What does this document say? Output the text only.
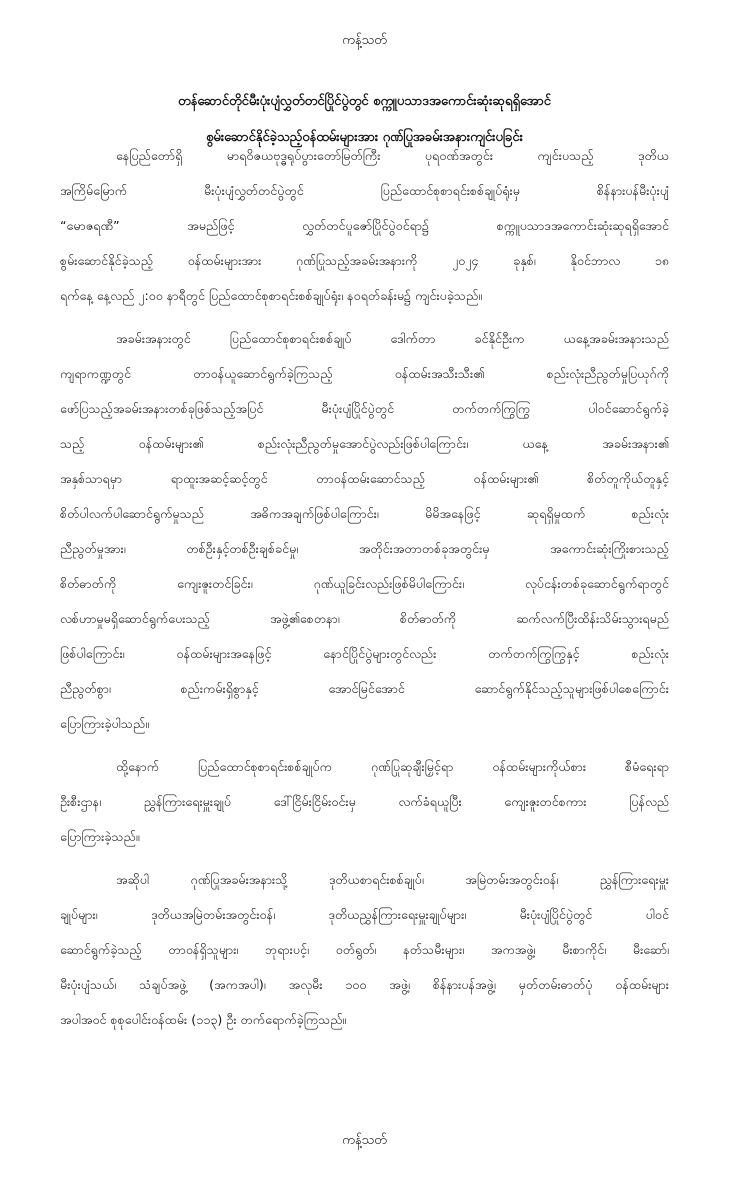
ကန့်သတ်
တန်ဆောင်တိုင်မီးပုံးပျံလွှတ်တင်ပြိုင်ပွဲတွင် စက္ကူပသာဒအကောင်းဆုံးဆုရရှိအောင်
စွမ်းဆောင်နိုင်ခဲ့သည့်ဝန်ထမ်းများအား ဂုဏ်ပြုအခမ်းအနားကျင်းပခြင်း
နေပြည်တော်ရှိ မာရဝိဇယဗုဒ္ဓရုပ်ပွားတော်မြတ်ကြီး ပုရဝဏ်အတွင်း ကျင်းပသည့် ဒုတိယ
အကြိမ်မြောက် မီးပုံးပျံလွှတ်တင်ပွဲတွင် ပြည်ထောင်စုစာရင်းစစ်ချုပ်ရုံးမှ စိန်နားပန်မီးပုံးပျံ
“မောဇရဏီ” အမည်ဖြင့် လွှတ်တင်ပူဇော်ပြိုင်ပွဲဝင်ရာ၌ စက္ကူပသာဒအကောင်းဆုံးဆုရရှိအောင်
စွမ်းဆောင်နိုင်ခဲ့သည့် ဝန်ထမ်းများအား ဂုဏ်ပြုသည့်အခမ်းအနားကို ၂၀၂၄ ခုနှစ်၊ နိုဝင်ဘာလ ၁၈
ရက်နေ့ နေ့လည် ၂:၀၀ နာရီတွင် ပြည်ထောင်စုစာရင်းစစ်ချုပ်ရုံး၊ နဝရတ်ခန်းမ၌ ကျင်းပခဲ့သည်။
အခမ်းအနားတွင် ပြည်ထောင်စုစာရင်းစစ်ချုပ် ဒေါက်တာ ခင်နိုင်ဦးက ယနေ့အခမ်းအနားသည်
ကျရာကဏ္ဍတွင် တာဝန်ယူဆောင်ရွက်ခဲ့ကြသည့် ဝန်ထမ်းအသီးသီး၏ စည်းလုံးညီညွတ်မှုပြယုဂ်ကို
ဖော်ပြသည့်အခမ်းအနားတစ်ခုဖြစ်သည့်အပြင် မီးပုံးပျံပြိုင်ပွဲတွင် တက်တက်ကြွကြွ ပါဝင်ဆောင်ရွက်ခဲ့
သည့် ဝန်ထမ်းများ၏ စည်းလုံးညီညွတ်မှုအောင်ပွဲလည်းဖြစ်ပါကြောင်း၊ ယနေ့ အခမ်းအနား၏
အနှစ်သာရမှာ ရာထူးအဆင့်ဆင့်တွင် တာဝန်ထမ်းဆောင်သည့် ဝန်ထမ်းများ၏ စိတ်တူကိုယ်တူနှင့်
စိတ်ပါလက်ပါဆောင်ရွက်မှုသည် အဓိကအချက်ဖြစ်ပါကြောင်း၊ မိမိအနေဖြင့် ဆုရရှိမှုထက် စည်းလုံး
ညီညွတ်မှုအား၊ တစ်ဦးနှင့်တစ်ဦးချစ်ခင်မှု၊ အတိုင်းအတာတစ်ခုအတွင်းမှ အကောင်းဆုံးကြိုးစားသည့်
စိတ်ဓာတ်ကို ကျေးဇူးတင်ခြင်း၊ ဂုဏ်ယူခြင်းလည်းဖြစ်မိပါကြောင်း၊ လုပ်ငန်းတစ်ခုဆောင်ရွက်ရာတွင်
လစ်ဟာမှုမရှိဆောင်ရွက်ပေးသည့် အဖွဲ့၏စေတနာ၊ စိတ်ဓာတ်ကို ဆက်လက်ပြီးထိန်းသိမ်းသွားရမည်
ဖြစ်ပါကြောင်း၊ ဝန်ထမ်းများအနေဖြင့် နောင်ပြိုင်ပွဲများတွင်လည်း တက်တက်ကြွကြွနှင့် စည်းလုံး
ညီညွတ်စွာ၊ စည်းကမ်းရှိစွာနှင့် အောင်မြင်အောင် ဆောင်ရွက်နိုင်သည့်သူများဖြစ်ပါစေကြောင်း
ပြောကြားခဲ့ပါသည်။
ထို့နောက် ပြည်ထောင်စုစာရင်းစစ်ချုပ်က ဂုဏ်ပြုဆုချီးမြှင့်ရာ ဝန်ထမ်းများကိုယ်စား စီမံရေးရာ
ဦးစီးဌာန၊ ညွှန်ကြားရေးမှူးချုပ် ဒေါ်ငြိမ်းငြိမ်းဝင်းမှ လက်ခံရယူပြီး ကျေးဇူးတင်စကား ပြန်လည်
ပြောကြားခဲ့သည်။
အဆိုပါ ဂုဏ်ပြုအခမ်းအနားသို့ ဒုတိယစာရင်းစစ်ချုပ်၊ အမြဲတမ်းအတွင်းဝန်၊ ညွှန်ကြားရေးမှူး
ချုပ်များ၊ ဒုတိယအမြဲတမ်းအတွင်းဝန်၊ ဒုတိယညွှန်ကြားရေးမှူးချုပ်များ၊ မီးပုံးပျံပြိုင်ပွဲတွင် ပါဝင်
ဆောင်ရွက်ခဲ့သည့် တာဝန်ရှိသူများ၊ ဘုရားပင့်၊ ဝတ်ရွတ်၊ နတ်သမီးများ၊ အကအဖွဲ့၊ မီးစာကိုင်၊ မီးဆော်၊
မီးပုံးပျံသယ်၊ သံချပ်အဖွဲ့ (အကအပါ)၊ အလုမီး ၁၀၀ အဖွဲ့၊ စိန်နားပန်အဖွဲ့၊ မှတ်တမ်းဓာတ်ပုံ ဝန်ထမ်းများ
အပါအဝင် စုစုပေါင်းဝန်ထမ်း (၁၁၃) ဦး တက်ရောက်ခဲ့ကြသည်။
ကန့်သတ်
